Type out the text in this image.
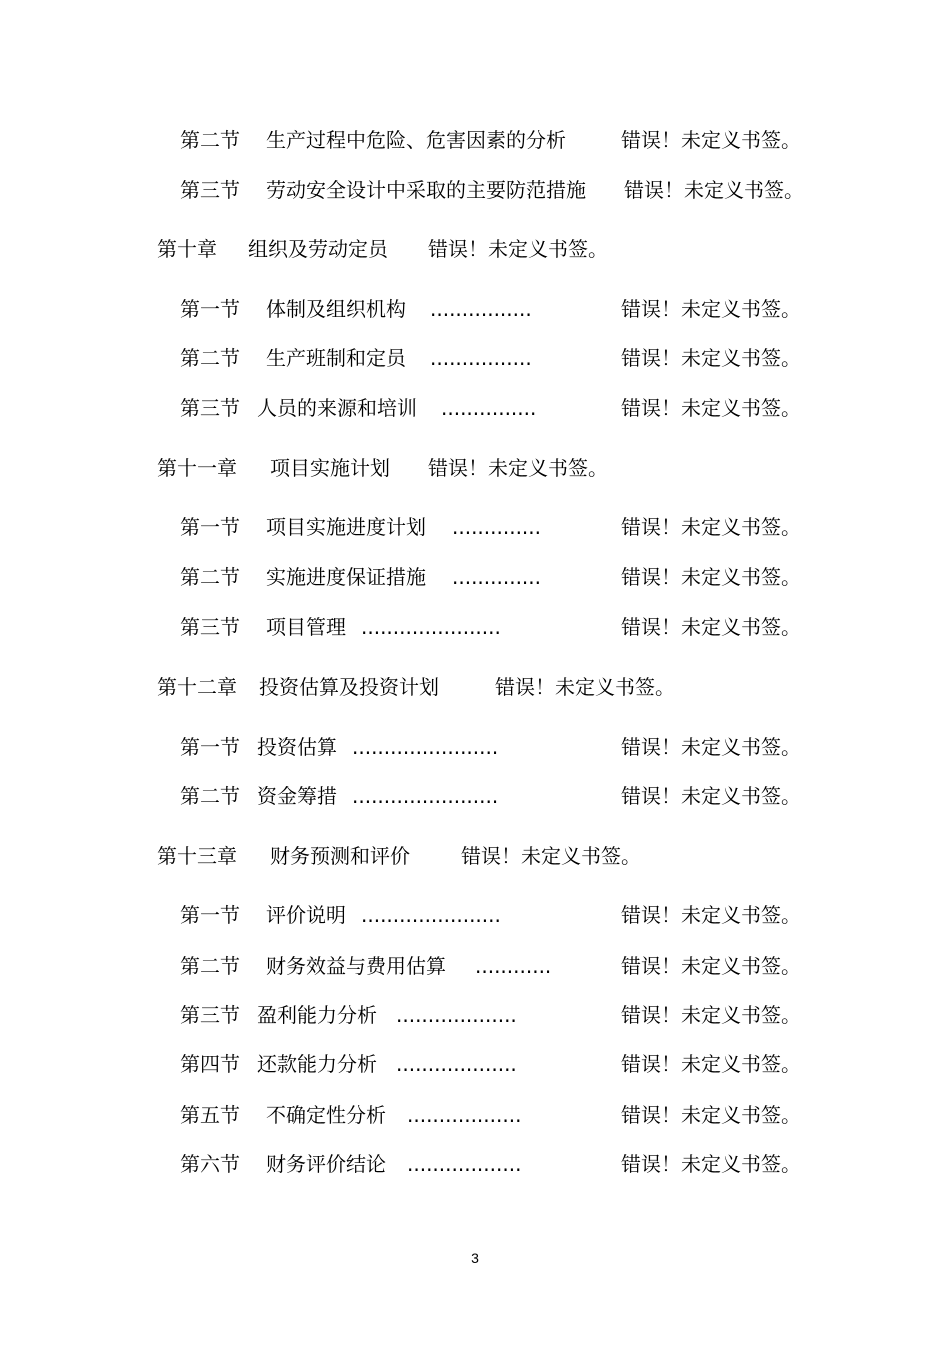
第二节 生产过程中危险、危害因素的分析	错误！未定义书签。
第三节 劳动安全设计中采取的主要防范措施 错误！未定义书签。
第十章 组织及劳动定员 错误！未定义书签。
第一节 体制及组织机构 ................	错误！未定义书签。
第二节 生产班制和定员 ................	错误！未定义书签。
第三节 人员的来源和培训 ...............	错误！未定义书签。
第十一章 项目实施计划 错误！未定义书签。
第一节 项目实施进度计划 ..............	错误！未定义书签。
第二节 实施进度保证措施 ..............	错误！未定义书签。
第三节 项目管理 ......................	错误！未定义书签。
第十二章 投资估算及投资计划	错误！未定义书签。
第一节 投资估算 .......................	错误！未定义书签。
第二节 资金筹措 .......................	错误！未定义书签。
第十三章 财务预测和评价	错误！未定义书签。
第一节 评价说明 ......................	错误！未定义书签。
第二节 财务效益与费用估算 ............	错误！未定义书签。
第三节 盈利能力分析 ...................	错误！未定义书签。
第四节 还款能力分析 ...................	错误！未定义书签。
第五节 不确定性分析 ..................	错误！未定义书签。
第六节 财务评价结论 ..................	错误！未定义书签。
3
